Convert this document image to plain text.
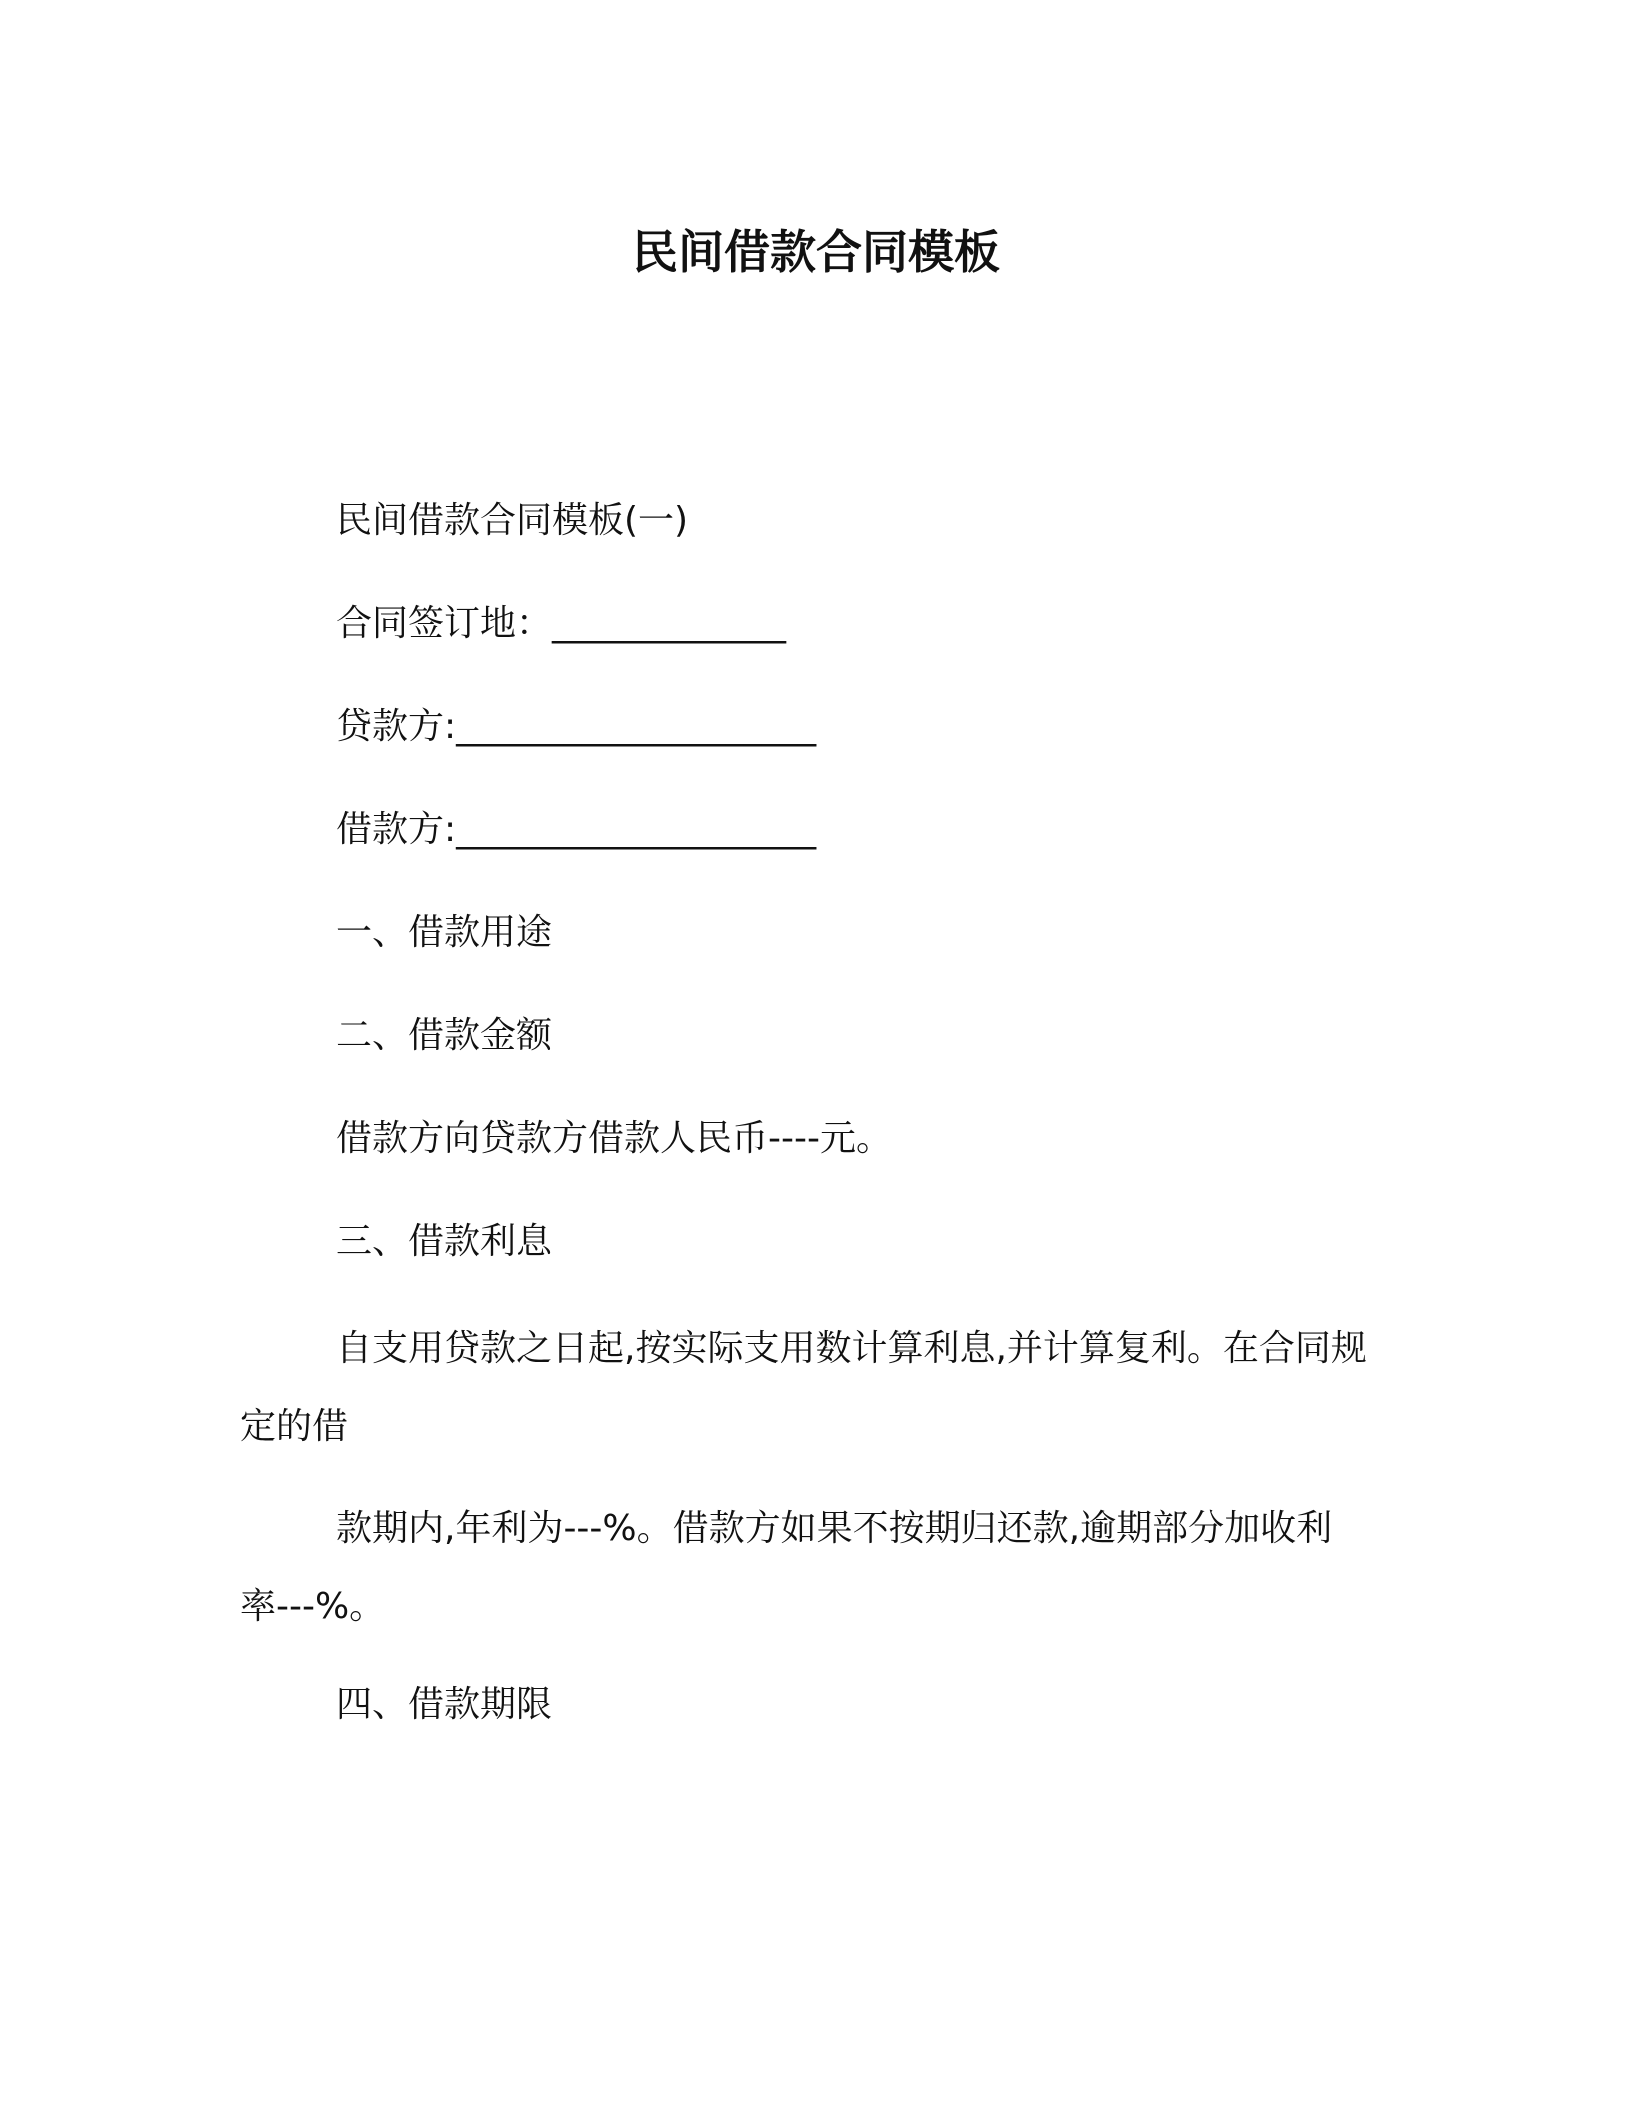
民间借款合同模板
民间借款合同模板(一)
合同签订地：_____________
贷款方:____________________
借款方:____________________
一、借款用途
二、借款金额
借款方向贷款方借款人民币----元。
三、借款利息
自支用贷款之日起,按实际支用数计算利息,并计算复利。在合同规定的借
款期内,年利为---%。借款方如果不按期归还款,逾期部分加收利率---%。
四、借款期限
